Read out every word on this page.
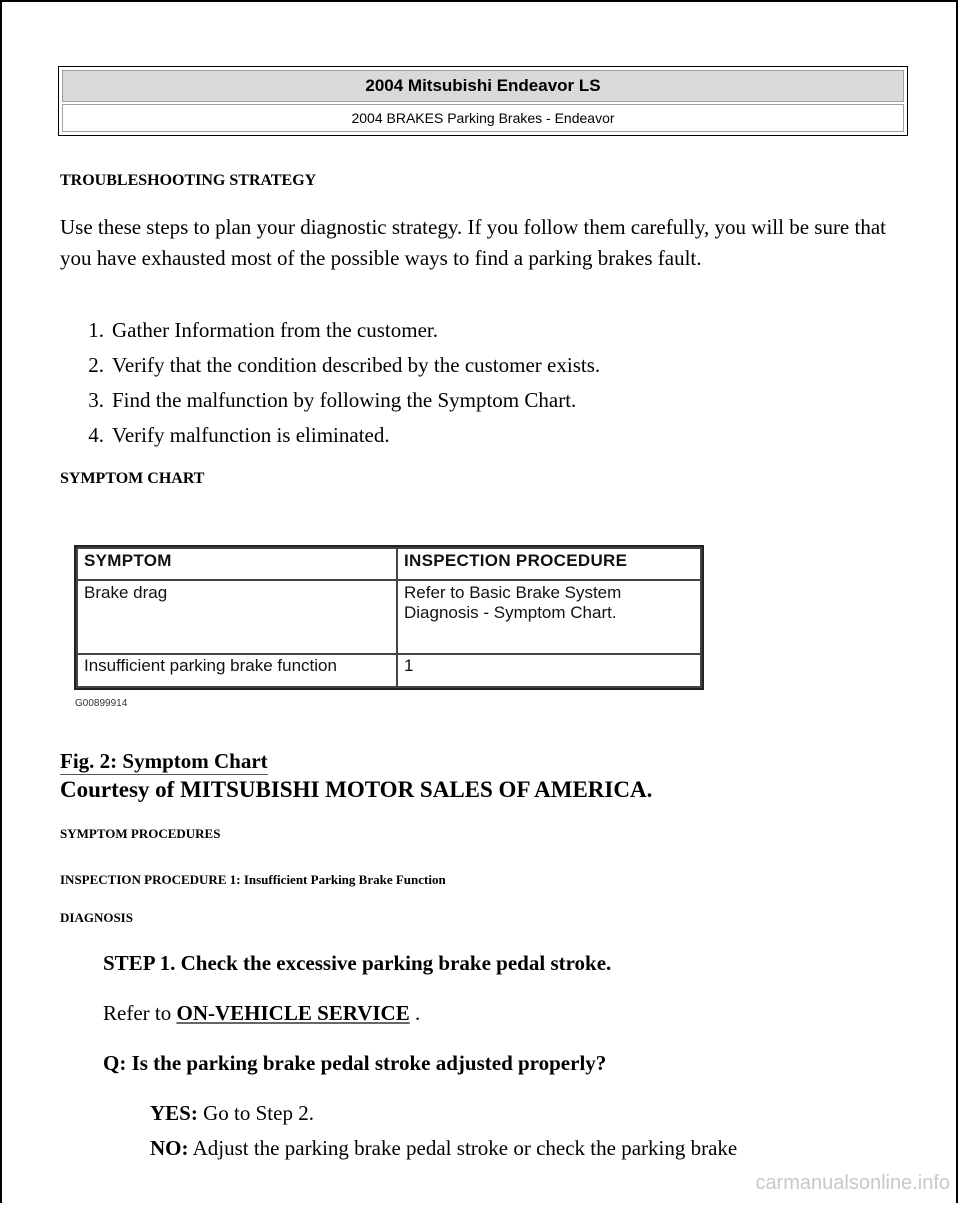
2004 Mitsubishi Endeavor LS
2004 BRAKES Parking Brakes - Endeavor

TROUBLESHOOTING STRATEGY

Use these steps to plan your diagnostic strategy. If you follow them carefully, you will be sure that you have exhausted most of the possible ways to find a parking brakes fault.

1. Gather Information from the customer.
2. Verify that the condition described by the customer exists.
3. Find the malfunction by following the Symptom Chart.
4. Verify malfunction is eliminated.

SYMPTOM CHART

SYMPTOM	INSPECTION PROCEDURE
Brake drag	Refer to Basic Brake System
Diagnosis - Symptom Chart.

Insufficient parking brake function	1
G00899914

Fig. 2: Symptom Chart

Courtesy of MITSUBISHI MOTOR SALES OF AMERICA.

SYMPTOM PROCEDURES

INSPECTION PROCEDURE 1: Insufficient Parking Brake Function

DIAGNOSIS

STEP 1. Check the excessive parking brake pedal stroke.

Refer to ON-VEHICLE SERVICE .

Q: Is the parking brake pedal stroke adjusted properly?

YES: Go to Step 2.

NO: Adjust the parking brake pedal stroke or check the parking brake

carmanualsonline.info
